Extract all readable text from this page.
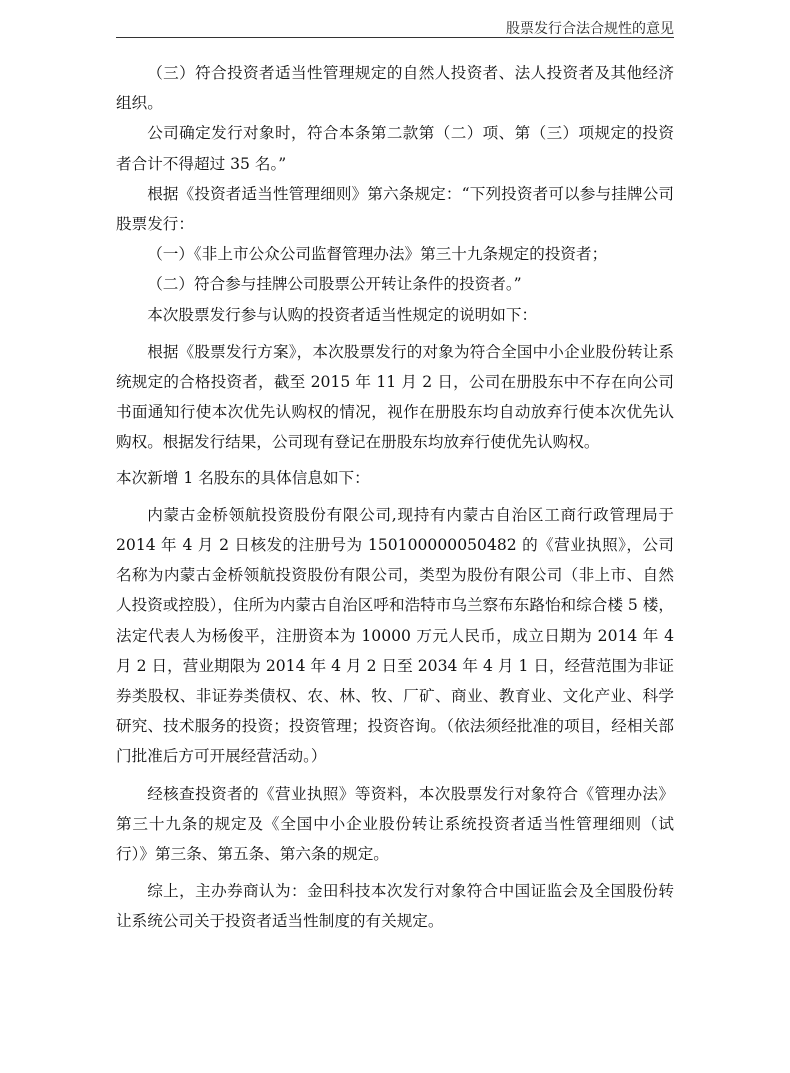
股票发行合法合规性的意见

（三）符合投资者适当性管理规定的自然人投资者、法人投资者及其他经济组织。

公司确定发行对象时，符合本条第二款第（二）项、第（三）项规定的投资者合计不得超过 35 名。”

根据《投资者适当性管理细则》第六条规定：“下列投资者可以参与挂牌公司股票发行：

（一）《非上市公众公司监督管理办法》第三十九条规定的投资者；

（二）符合参与挂牌公司股票公开转让条件的投资者。”

本次股票发行参与认购的投资者适当性规定的说明如下：

根据《股票发行方案》，本次股票发行的对象为符合全国中小企业股份转让系统规定的合格投资者，截至 2015 年 11 月 2 日，公司在册股东中不存在向公司书面通知行使本次优先认购权的情况，视作在册股东均自动放弃行使本次优先认购权。根据发行结果，公司现有登记在册股东均放弃行使优先认购权。

本次新增 1 名股东的具体信息如下：

内蒙古金桥领航投资股份有限公司,现持有内蒙古自治区工商行政管理局于 2014 年 4 月 2 日核发的注册号为 150100000050482 的《营业执照》，公司名称为内蒙古金桥领航投资股份有限公司，类型为股份有限公司（非上市、自然人投资或控股），住所为内蒙古自治区呼和浩特市乌兰察布东路怡和综合楼 5 楼，法定代表人为杨俊平，注册资本为 10000 万元人民币，成立日期为 2014 年 4 月 2 日，营业期限为 2014 年 4 月 2 日至 2034 年 4 月 1 日，经营范围为非证券类股权、非证券类债权、农、林、牧、厂矿、商业、教育业、文化产业、科学研究、技术服务的投资；投资管理；投资咨询。（依法须经批准的项目，经相关部门批准后方可开展经营活动。）

经核查投资者的《营业执照》等资料，本次股票发行对象符合《管理办法》第三十九条的规定及《全国中小企业股份转让系统投资者适当性管理细则（试行）》第三条、第五条、第六条的规定。

综上，主办券商认为：金田科技本次发行对象符合中国证监会及全国股份转让系统公司关于投资者适当性制度的有关规定。
